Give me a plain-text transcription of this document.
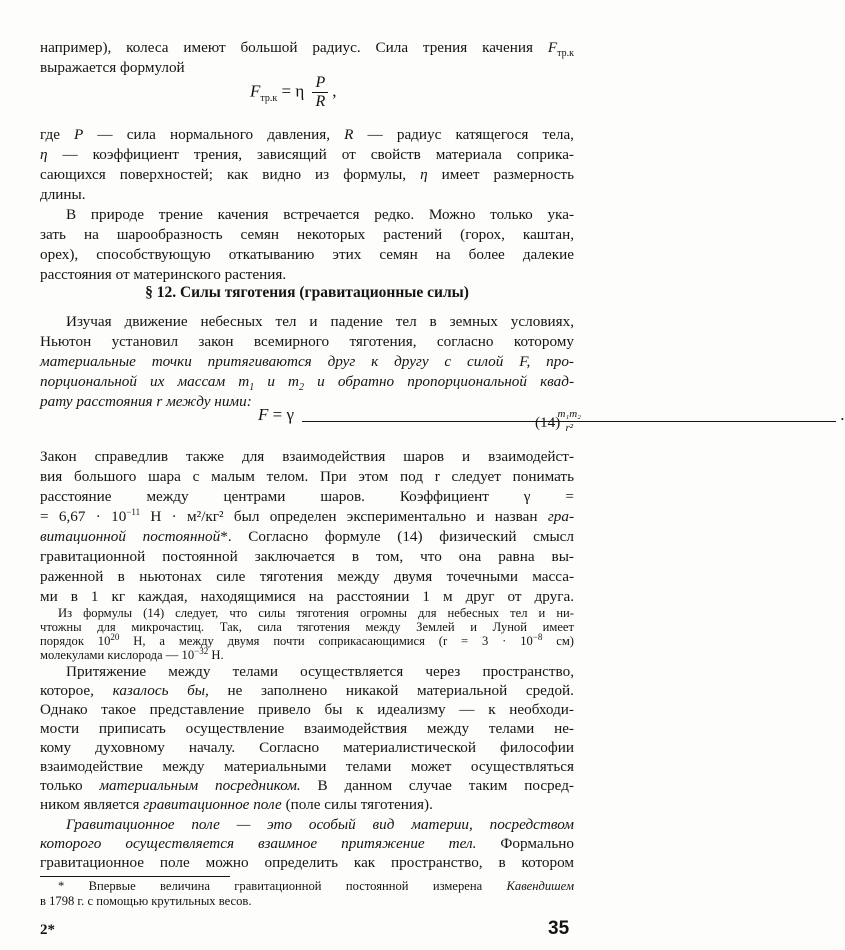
например), колеса имеют большой радиус. Сила трения качения $F_{тр.к}$
выражается формулой
$F_{тр.к} = \eta \frac{P}{R}$ ,
где P — сила нормального давления, R — радиус катящегося тела,
η — коэффициент трения, зависящий от свойств материала соприка-
сающихся поверхностей; как видно из формулы, η имеет размерность
длины.
В природе трение качения встречается редко. Можно только ука-
зать на шарообразность семян некоторых растений (горох, каштан,
орех), способствующую откатыванию этих семян на более далекие
расстояния от материнского растения.
§ 12. Силы тяготения (гравитационные силы)
Изучая движение небесных тел и падение тел в земных условиях,
Ньютон установил закон всемирного тяготения, согласно которому
материальные точки притягиваются друг к другу с силой F, про-
порциональной их массам $m_1$ и $m_2$ и обратно пропорциональной квад-
рату расстояния r между ними:
F = γ $\frac{\text{m₁m₂}}{\text{r²}}$ .
(14)
Закон справедлив также для взаимодействия шаров и взаимодейст-
вия большого шара с малым телом. При этом под r следует понимать
расстояние между центрами шаров. Коэффициент γ =
= $6,67 \cdot 10^{-11}$ Н · м²/кг² был определен экспериментально и назван гра-
витационной постоянной*. Согласно формуле (14) физический смысл
гравитационной постоянной заключается в том, что она равна вы-
раженной в ньютонах силе тяготения между двумя точечными масса-
ми в 1 кг каждая, находящимися на расстоянии 1 м друг от друга.
Из формулы (14) следует, что силы тяготения огромны для небесных тел и ни-
чтожны для микрочастиц. Так, сила тяготения между Землей и Луной имеет
порядок $10^{20}$ Н, а между двумя почти соприкасающимися ($r = 3 \cdot 10^{-8}$ см)
молекулами кислорода — $10^{-32}$ Н.
Притяжение между телами осуществляется через пространство,
которое, казалось бы, не заполнено никакой материальной средой.
Однако такое представление привело бы к идеализму — к необходи-
мости приписать осуществление взаимодействия между телами не-
кому духовному началу. Согласно материалистической философии
взаимодействие между материальными телами может осуществляться
только материальным посредником. В данном случае таким посред-
ником является гравитационное поле (поле силы тяготения).
Гравитационное поле — это особый вид материи, посредством
которого осуществляется взаимное притяжение тел. Формально
гравитационное поле можно определить как пространство, в котором
* Впервые величина гравитационной постоянной измерена Кавендишем
в 1798 г. с помощью крутильных весов.
2*	35
